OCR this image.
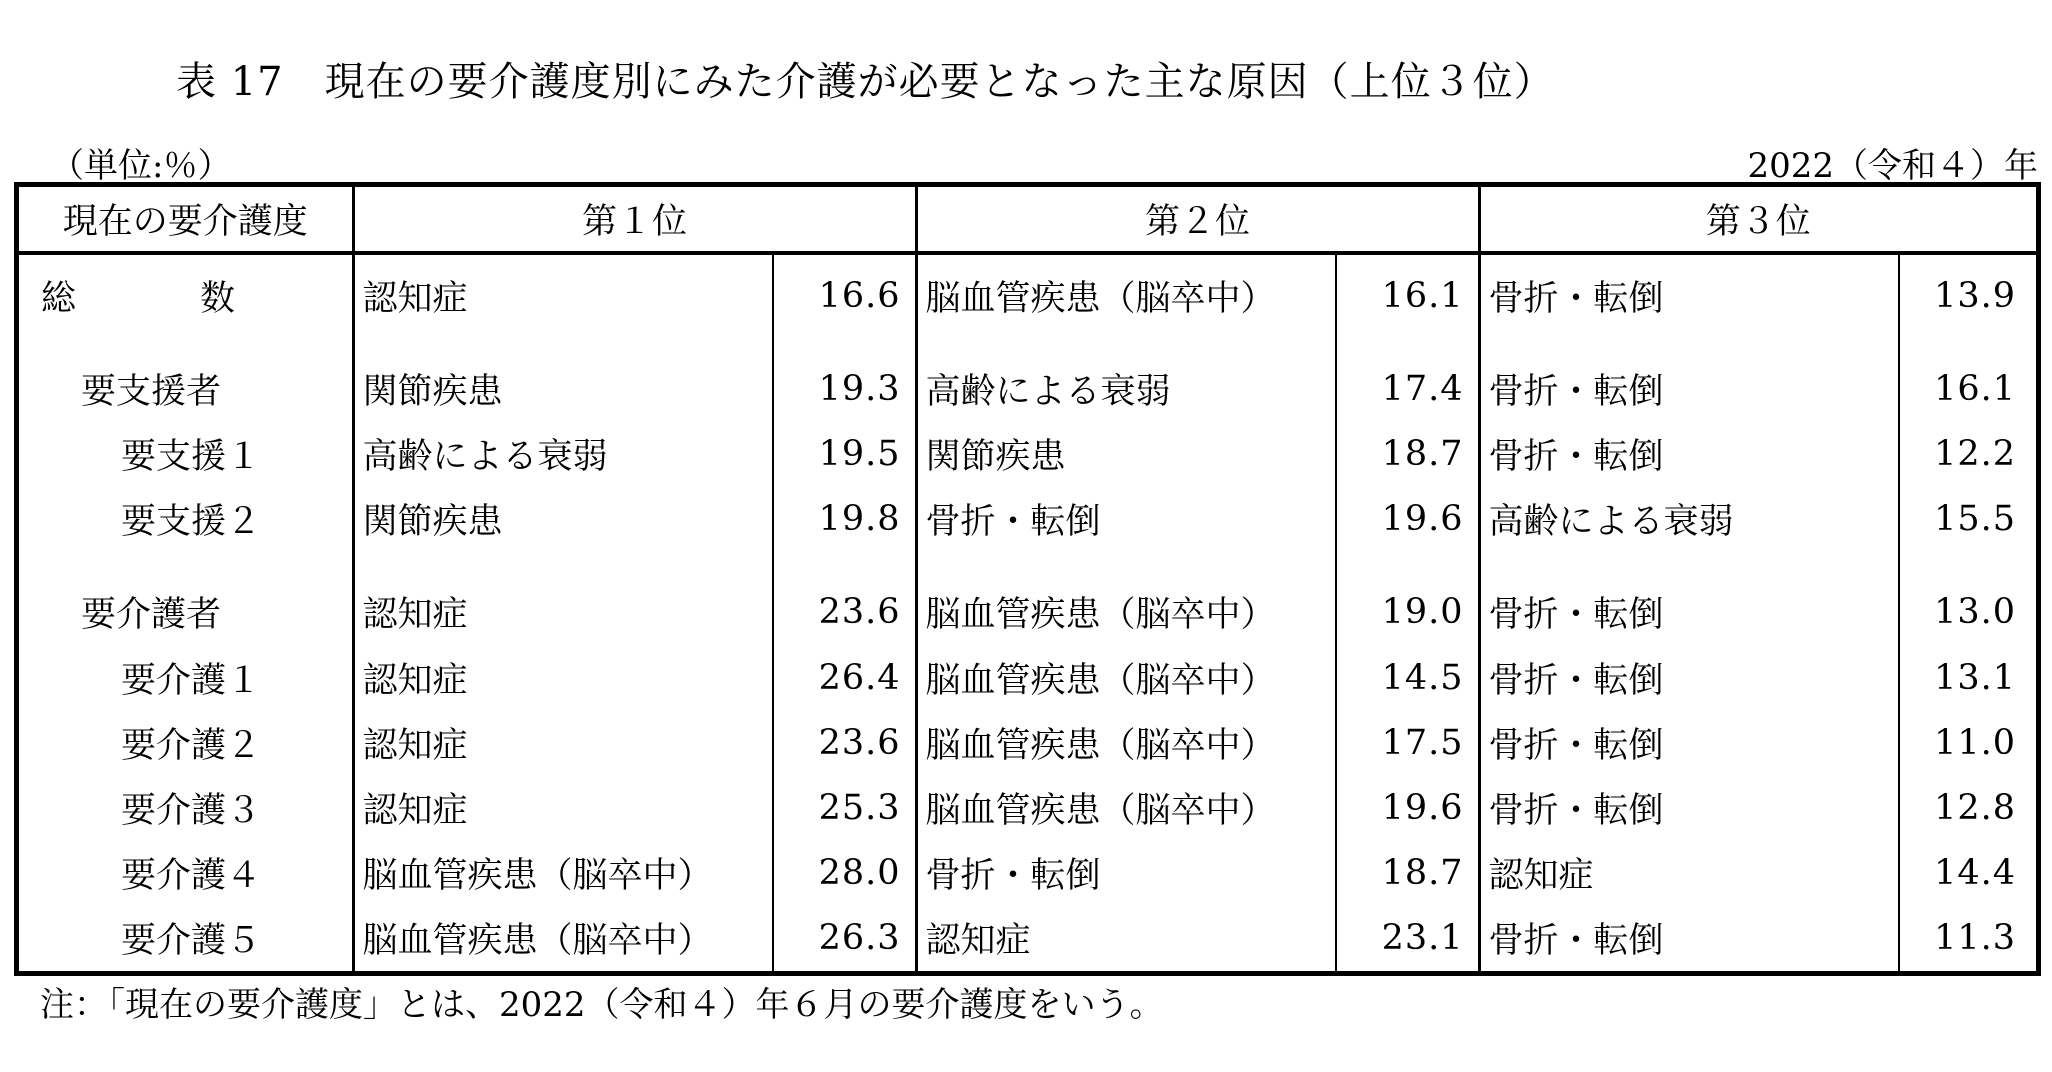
表 17　現在の要介護度別にみた介護が必要となった主な原因（上位３位）
（単位:％）	2022（令和４）年
現在の要介護度	第１位		第２位		第３位	
総 数	認知症	16.6	脳血管疾患（脳卒中）	16.1	骨折・転倒	13.9

要支援者	関節疾患	19.3	高齢による衰弱	17.4	骨折・転倒	16.1
要支援１	高齢による衰弱	19.5	関節疾患	18.7	骨折・転倒	12.2
要支援２	関節疾患	19.8	骨折・転倒	19.6	高齢による衰弱	15.5

要介護者	認知症	23.6	脳血管疾患（脳卒中）	19.0	骨折・転倒	13.0
要介護１	認知症	26.4	脳血管疾患（脳卒中）	14.5	骨折・転倒	13.1
要介護２	認知症	23.6	脳血管疾患（脳卒中）	17.5	骨折・転倒	11.0
要介護３	認知症	25.3	脳血管疾患（脳卒中）	19.6	骨折・転倒	12.8
要介護４	脳血管疾患（脳卒中）	28.0	骨折・転倒	18.7	認知症	14.4
要介護５	脳血管疾患（脳卒中）	26.3	認知症	23.1	骨折・転倒	11.3
注：「現在の要介護度」とは、2022（令和４）年６月の要介護度をいう。
